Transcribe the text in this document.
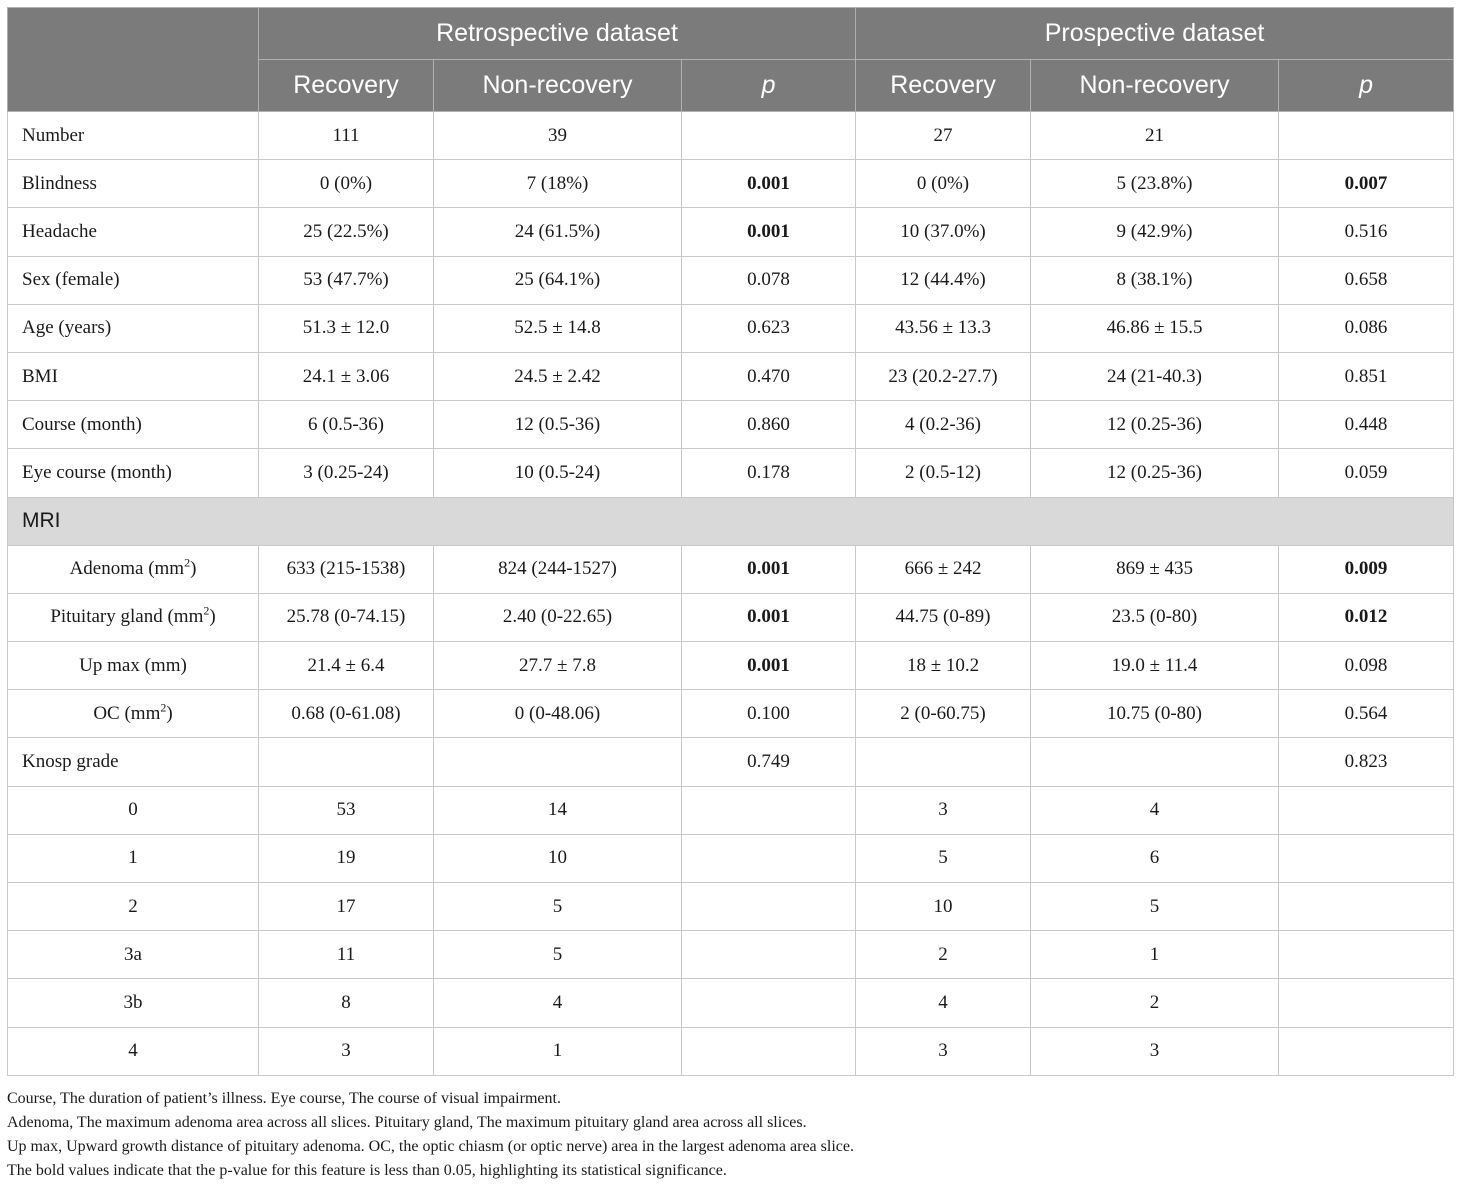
	Retrospective dataset			Prospective dataset		
	Recovery	Non-recovery	p	Recovery	Non-recovery	p
Number	111	39		27	21	
Blindness	0 (0%)	7 (18%)	0.001	0 (0%)	5 (23.8%)	0.007
Headache	25 (22.5%)	24 (61.5%)	0.001	10 (37.0%)	9 (42.9%)	0.516
Sex (female)	53 (47.7%)	25 (64.1%)	0.078	12 (44.4%)	8 (38.1%)	0.658
Age (years)	51.3 ± 12.0	52.5 ± 14.8	0.623	43.56 ± 13.3	46.86 ± 15.5	0.086
BMI	24.1 ± 3.06	24.5 ± 2.42	0.470	23 (20.2-27.7)	24 (21-40.3)	0.851
Course (month)	6 (0.5-36)	12 (0.5-36)	0.860	4 (0.2-36)	12 (0.25-36)	0.448
Eye course (month)	3 (0.25-24)	10 (0.5-24)	0.178	2 (0.5-12)	12 (0.25-36)	0.059
MRI						
Adenoma $(mm^2)$	633 (215-1538)	824 (244-1527)	0.001	666 ± 242	869 ± 435	0.009
Pituitary gland $(mm^2)$	25.78 (0-74.15)	2.40 (0-22.65)	0.001	44.75 (0-89)	23.5 (0-80)	0.012
Up max (mm)	21.4 ± 6.4	27.7 ± 7.8	0.001	18 ± 10.2	19.0 ± 11.4	0.098
OC $(mm^2)$	0.68 (0-61.08)	0 (0-48.06)	0.100	2 (0-60.75)	10.75 (0-80)	0.564
Knosp grade			0.749			0.823
0	53	14		3	4	
1	19	10		5	6	
2	17	5		10	5	
3a	11	5		2	1	
3b	8	4		4	2	
4	3	1		3	3	

Course, The duration of patient’s illness. Eye course, The course of visual impairment.

Adenoma, The maximum adenoma area across all slices. Pituitary gland, The maximum pituitary gland area across all slices.

Up max, Upward growth distance of pituitary adenoma. OC, the optic chiasm (or optic nerve) area in the largest adenoma area slice.

The bold values indicate that the p-value for this feature is less than 0.05, highlighting its statistical significance.
